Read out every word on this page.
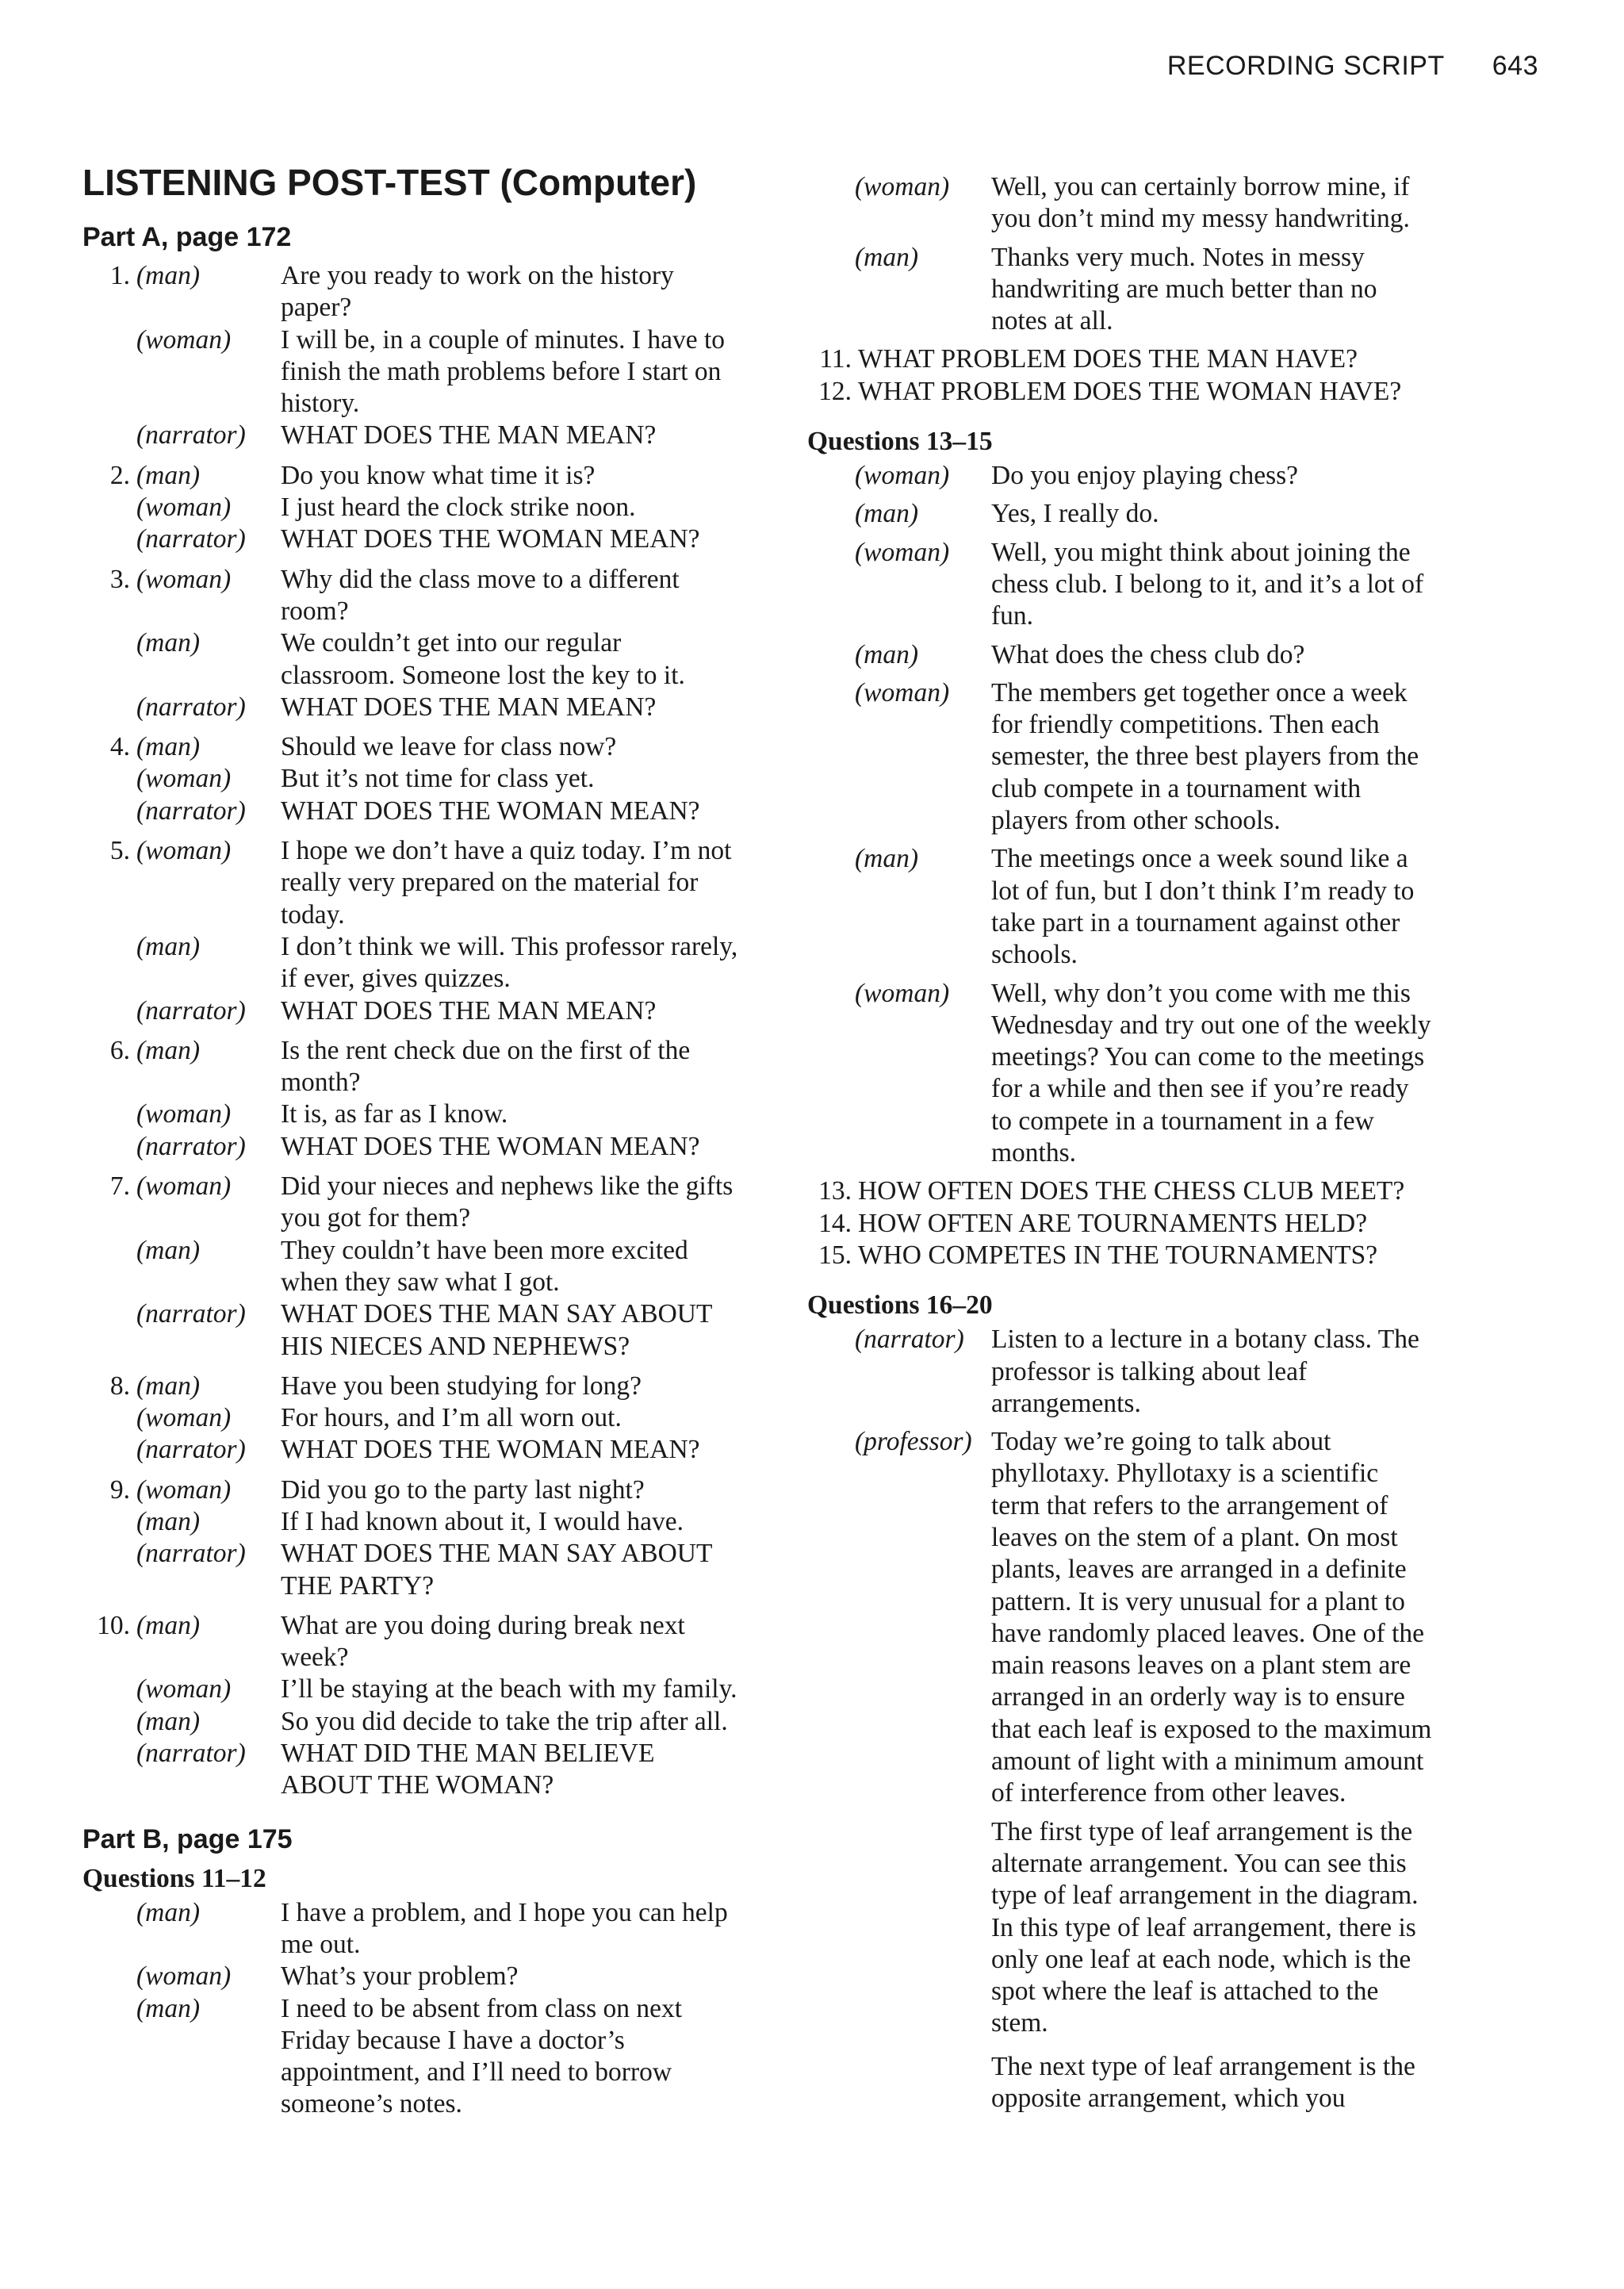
RECORDING SCRIPT 643
LISTENING POST-TEST (Computer)
Part A, page 172
1. (man)	Are you ready to work on the history paper?
(woman)	I will be, in a couple of minutes. I have to finish the math problems before I start on history.
(narrator)	WHAT DOES THE MAN MEAN?
2. (man)	Do you know what time it is?
(woman)	I just heard the clock strike noon.
(narrator)	WHAT DOES THE WOMAN MEAN?
3. (woman)	Why did the class move to a different room?
(man)	We couldn’t get into our regular classroom. Someone lost the key to it.
(narrator)	WHAT DOES THE MAN MEAN?
4. (man)	Should we leave for class now?
(woman)	But it’s not time for class yet.
(narrator)	WHAT DOES THE WOMAN MEAN?
5. (woman)	I hope we don’t have a quiz today. I’m not really very prepared on the material for today.
(man)	I don’t think we will. This professor rarely, if ever, gives quizzes.
(narrator)	WHAT DOES THE MAN MEAN?
6. (man)	Is the rent check due on the first of the month?
(woman)	It is, as far as I know.
(narrator)	WHAT DOES THE WOMAN MEAN?
7. (woman)	Did your nieces and nephews like the gifts you got for them?
(man)	They couldn’t have been more excited when they saw what I got.
(narrator)	WHAT DOES THE MAN SAY ABOUT HIS NIECES AND NEPHEWS?
8. (man)	Have you been studying for long?
(woman)	For hours, and I’m all worn out.
(narrator)	WHAT DOES THE WOMAN MEAN?
9. (woman)	Did you go to the party last night?
(man)	If I had known about it, I would have.
(narrator)	WHAT DOES THE MAN SAY ABOUT THE PARTY?
10. (man)	What are you doing during break next week?
(woman)	I’ll be staying at the beach with my family.
(man)	So you did decide to take the trip after all.
(narrator)	WHAT DID THE MAN BELIEVE ABOUT THE WOMAN?
Part B, page 175
Questions 11–12
(man)	I have a problem, and I hope you can help me out.
(woman)	What’s your problem?
(man)	I need to be absent from class on next Friday because I have a doctor’s appointment, and I’ll need to borrow someone’s notes.
(woman)	Well, you can certainly borrow mine, if you don’t mind my messy handwriting.
(man)	Thanks very much. Notes in messy handwriting are much better than no notes at all.
11. WHAT PROBLEM DOES THE MAN HAVE?
12. WHAT PROBLEM DOES THE WOMAN HAVE?
Questions 13–15
(woman)	Do you enjoy playing chess?
(man)	Yes, I really do.
(woman)	Well, you might think about joining the chess club. I belong to it, and it’s a lot of fun.
(man)	What does the chess club do?
(woman)	The members get together once a week for friendly competitions. Then each semester, the three best players from the club compete in a tournament with players from other schools.
(man)	The meetings once a week sound like a lot of fun, but I don’t think I’m ready to take part in a tournament against other schools.
(woman)	Well, why don’t you come with me this Wednesday and try out one of the weekly meetings? You can come to the meetings for a while and then see if you’re ready to compete in a tournament in a few months.
13. HOW OFTEN DOES THE CHESS CLUB MEET?
14. HOW OFTEN ARE TOURNAMENTS HELD?
15. WHO COMPETES IN THE TOURNAMENTS?
Questions 16–20
(narrator)	Listen to a lecture in a botany class. The professor is talking about leaf arrangements.
(professor) Today we’re going to talk about phyllotaxy. Phyllotaxy is a scientific term that refers to the arrangement of leaves on the stem of a plant. On most plants, leaves are arranged in a definite pattern. It is very unusual for a plant to have randomly placed leaves. One of the main reasons leaves on a plant stem are arranged in an orderly way is to ensure that each leaf is exposed to the maximum amount of light with a minimum amount of interference from other leaves.

The first type of leaf arrangement is the alternate arrangement. You can see this type of leaf arrangement in the diagram. In this type of leaf arrangement, there is only one leaf at each node, which is the spot where the leaf is attached to the stem.

The next type of leaf arrangement is the opposite arrangement, which you
